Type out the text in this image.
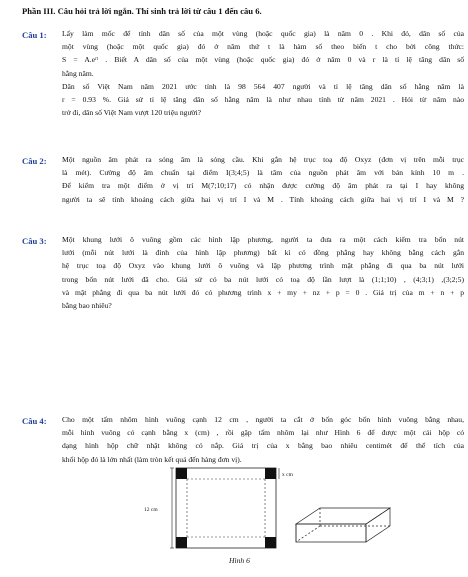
Phần III. Câu hỏi trả lời ngắn. Thí sinh trả lời từ câu 1 đến câu 6.
Câu 1: Lấy làm mốc để tính dân số của một vùng (hoặc quốc gia) là năm 0 . Khi đó, dân số của
một vùng (hoặc một quốc gia) đó ở năm thứ t là hàm số theo biến t cho bởi công thức:
S = A.eʳᵗ . Biết A dân số của một vùng (hoặc quốc gia) đó ở năm 0 và r là tỉ lệ tăng dân số
hằng năm.
Dân số Việt Nam năm 2021 ước tính là 98 564 407 người và tỉ lệ tăng dân số hằng năm là
r = 0.93 %. Giả sử tỉ lệ tăng dân số hằng năm là như nhau tính từ năm 2021 . Hỏi từ năm nào
trở đi, dân số Việt Nam vượt 120 triệu người?
Câu 2: Một nguồn âm phát ra sóng âm là sóng cầu. Khi gắn hệ trục toạ độ Oxyz (đơn vị trên mỗi trục
là mét). Cường độ âm chuẩn tại điểm I(3;4;5) là tâm của nguồn phát âm với bán kính 10 m .
Để kiểm tra một điểm ở vị trí M(7;10;17) có nhận được cường độ âm phát ra tại I hay không
người ta sẽ tính khoảng cách giữa hai vị trí I và M . Tính khoảng cách giữa hai vị trí I và M ?
Câu 3: Một khung lưới ô vuông gồm các hình lập phương, người ta đưa ra một cách kiểm tra bốn nút
lưới (mỗi nút lưới là đỉnh của hình lập phương) bất kì có đồng phẳng hay không bằng cách gắn
hệ trục toạ độ Oxyz vào khung lưới ô vuông và lập phương trình mặt phẳng đi qua ba nút lưới
trong bốn nút lưới đã cho. Giả sử có ba nút lưới có toạ độ lần lượt là (1;1;10) , (4;3;1) ,(3;2;5)
và mặt phẳng đi qua ba nút lưới đó có phương trình x + my + nz + p = 0 . Giá trị của m + n + p
bằng bao nhiêu?
Câu 4: Cho một tấm nhôm hình vuông cạnh 12 cm , người ta cắt ở bốn góc bốn hình vuông bằng nhau,
mỗi hình vuông có cạnh bằng x (cm) , rồi gập tấm nhôm lại như Hình 6 để được một cái hộp có
dạng hình hộp chữ nhật không có nắp. Giá trị của x bằng bao nhiêu centimét để thể tích của
khối hộp đó là lớn nhất (làm tròn kết quả đến hàng đơn vị).
12 cm
x cm
Hình 6
